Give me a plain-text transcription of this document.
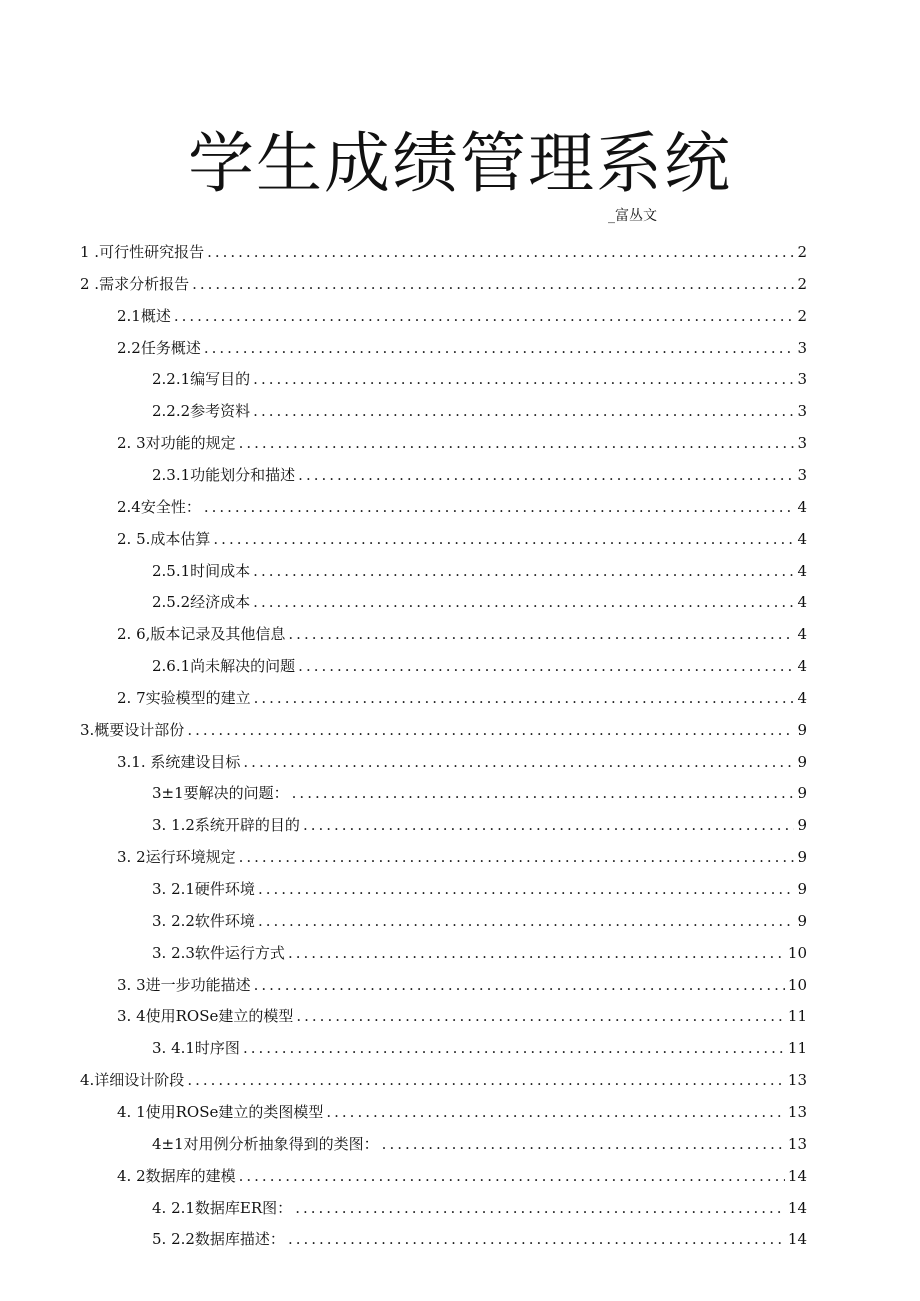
学生成绩管理系统
_富丛文
1 .可行性研究报告 .....	2
2 .需求分析报告 .....	2
2.1概述 .....	2
2.2任务概述 .....	3
2.2.1编写目的 .....	3
2.2.2参考资料 .....	3
2. 3对功能的规定 .....	3
2.3.1功能划分和描述 .....	3
2.4安全性： .....	4
2. 5.成本估算 .....	4
2.5.1时间成本 .....	4
2.5.2经济成本 .....	4
2. 6,版本记录及其他信息 .....	4
2.6.1尚未解决的问题 .....	4
2. 7实验模型的建立 .....	4
3.概要设计部份 .....	9
3.1. 系统建设目标 .....	9
3±1要解决的问题： .....	9
3. 1.2系统开辟的目的 .....	9
3. 2运行环境规定 .....	9
3. 2.1硬件环境 .....	9
3. 2.2软件环境 .....	9
3. 2.3软件运行方式 .....	10
3. 3进一步功能描述 .....	10
3. 4使用ROSe建立的模型 .....	11
3. 4.1时序图 .....	11
4.详细设计阶段 .....	13
4. 1使用ROSe建立的类图模型 .....	13
4±1对用例分析抽象得到的类图： .....	13
4. 2数据库的建模 .....	14
4. 2.1数据库ER图： .....	14
5. 2.2数据库描述： .....	14
